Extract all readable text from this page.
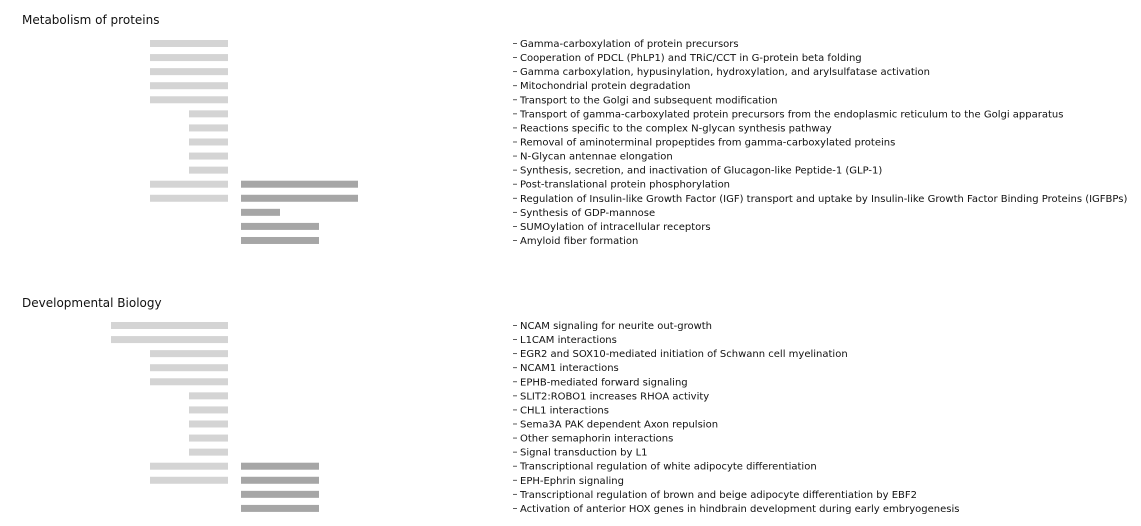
Metabolism of proteins
Gamma-carboxylation of protein precursors
Cooperation of PDCL (PhLP1) and TRiC/CCT in G-protein beta folding
Gamma carboxylation, hypusinylation, hydroxylation, and arylsulfatase activation
Mitochondrial protein degradation
Transport to the Golgi and subsequent modification
Transport of gamma-carboxylated protein precursors from the endoplasmic reticulum to the Golgi apparatus
Reactions specific to the complex N-glycan synthesis pathway
Removal of aminoterminal propeptides from gamma-carboxylated proteins
N-Glycan antennae elongation
Synthesis, secretion, and inactivation of Glucagon-like Peptide-1 (GLP-1)
Post-translational protein phosphorylation
Regulation of Insulin-like Growth Factor (IGF) transport and uptake by Insulin-like Growth Factor Binding Proteins (IGFBPs)
Synthesis of GDP-mannose
SUMOylation of intracellular receptors
Amyloid fiber formation
Developmental Biology
NCAM signaling for neurite out-growth
L1CAM interactions
EGR2 and SOX10-mediated initiation of Schwann cell myelination
NCAM1 interactions
EPHB-mediated forward signaling
SLIT2:ROBO1 increases RHOA activity
CHL1 interactions
Sema3A PAK dependent Axon repulsion
Other semaphorin interactions
Signal transduction by L1
Transcriptional regulation of white adipocyte differentiation
EPH-Ephrin signaling
Transcriptional regulation of brown and beige adipocyte differentiation by EBF2
Activation of anterior HOX genes in hindbrain development during early embryogenesis
